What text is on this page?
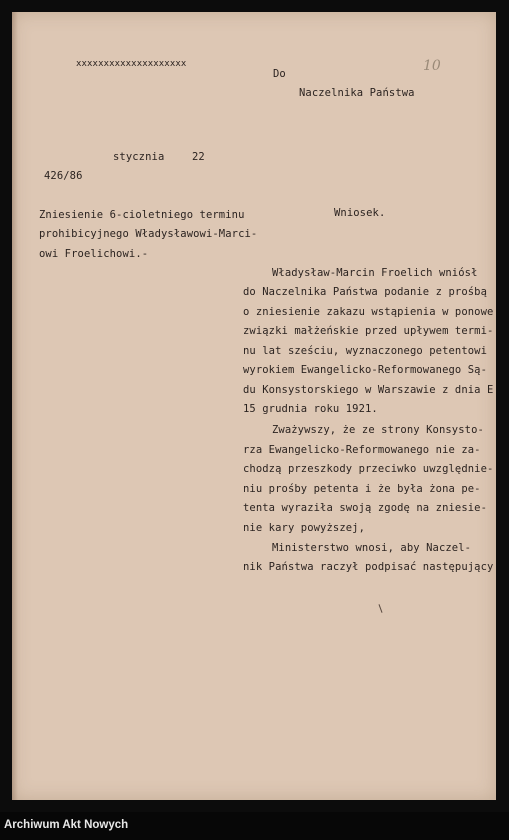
xxxxxxxxxxxxxxxxxxxx
Do	10
Naczelnika Państwa
stycznia	22
426/86
Wniosek.
Zniesienie 6-cioletniego terminu
prohibicyjnego Władysławowi-Marci-
owi Froelichowi.-
Władysław-Marcin Froelich wniósł
do Naczelnika Państwa podanie z prośbą
o zniesienie zakazu wstąpienia w ponowe
związki małżeńskie przed upływem termi-
nu lat sześciu, wyznaczonego petentowi
wyrokiem Ewangelicko-Reformowanego Są-
du Konsystorskiego w Warszawie z dnia E
15 grudnia roku 1921.
Zważywszy, że ze strony Konsysto-
rza Ewangelicko-Reformowanego nie za-
chodzą przeszkody przeciwko uwzględnie-
niu prośby petenta i że była żona pe-
tenta wyraziła swoją zgodę na zniesie-
nie kary powyższej,
Ministerstwo wnosi, aby Naczel-
nik Państwa raczył podpisać następujący
Archiwum Akt Nowych
